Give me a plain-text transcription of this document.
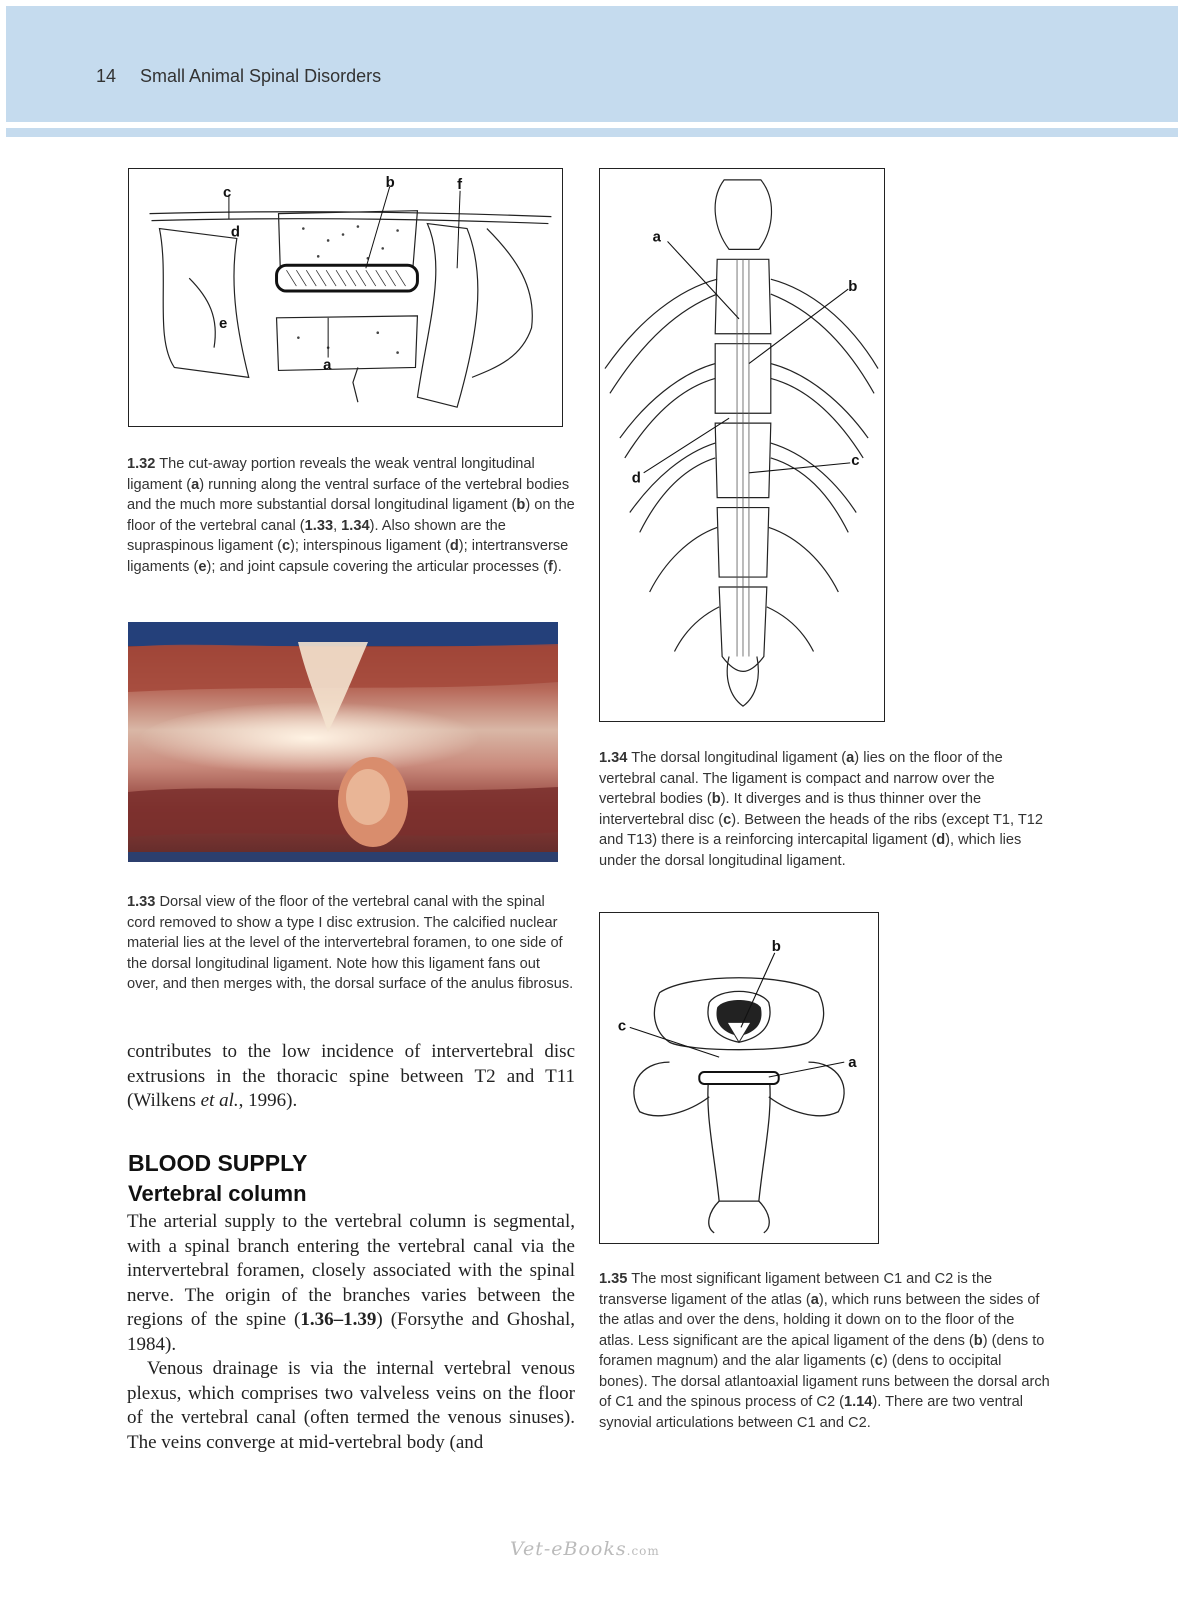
14 Small Animal Spinal Disorders
c
b	f
d
e
a
1.32 The cut-away portion reveals the weak ventral longitudinal ligament (a) running along the ventral surface of the vertebral bodies and the much more substantial dorsal longitudinal ligament (b) on the floor of the vertebral canal (1.33, 1.34). Also shown are the supraspinous ligament (c); interspinous ligament (d); intertransverse ligaments (e); and joint capsule covering the articular processes (f).
1.33 Dorsal view of the floor of the vertebral canal with the spinal cord removed to show a type I disc extrusion. The calcified nuclear material lies at the level of the intervertebral foramen, to one side of the dorsal longitudinal ligament. Note how this ligament fans out over, and then merges with, the dorsal surface of the anulus fibrosus.

contributes to the low incidence of intervertebral disc extrusions in the thoracic spine between T2 and T11 (Wilkens et al., 1996).

BLOOD SUPPLY
Vertebral column

The arterial supply to the vertebral column is segmental, with a spinal branch entering the vertebral canal via the intervertebral foramen, closely associated with the spinal nerve. The origin of the branches varies between the regions of the spine (1.36–1.39) (Forsythe and Ghoshal, 1984).

Venous drainage is via the internal vertebral venous plexus, which comprises two valveless veins on the floor of the vertebral canal (often termed the venous sinuses). The veins converge at mid-vertebral body (and

a
b
c
d
1.34 The dorsal longitudinal ligament (a) lies on the floor of the vertebral canal. The ligament is compact and narrow over the vertebral bodies (b). It diverges and is thus thinner over the intervertebral disc (c). Between the heads of the ribs (except T1, T12 and T13) there is a reinforcing intercapital ligament (d), which lies under the dorsal longitudinal ligament.
b
c
a
1.35 The most significant ligament between C1 and C2 is the transverse ligament of the atlas (a), which runs between the sides of the atlas and over the dens, holding it down on to the floor of the atlas. Less significant are the apical ligament of the dens (b) (dens to foramen magnum) and the alar ligaments (c) (dens to occipital bones). The dorsal atlantoaxial ligament runs between the dorsal arch of C1 and the spinous process of C2 (1.14). There are two ventral synovial articulations between C1 and C2.
Vet-eBooks.com
